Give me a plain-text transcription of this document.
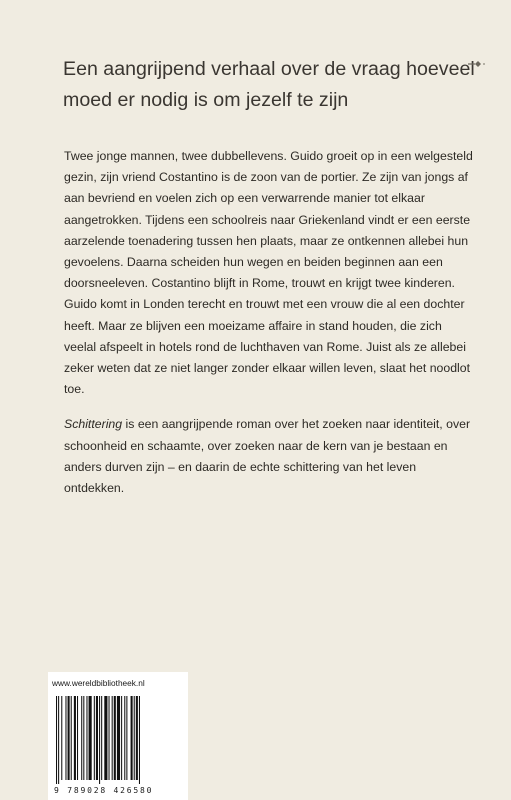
Een aangrijpend verhaal over de vraag hoeveel
moed er nodig is om jezelf te zijn

Twee jonge mannen, twee dubbellevens. Guido groeit op in een welgesteld gezin, zijn vriend Costantino is de zoon van de portier. Ze zijn van jongs af aan bevriend en voelen zich op een verwarrende manier tot elkaar aangetrokken. Tijdens een schoolreis naar Griekenland vindt er een eerste aarzelende toenadering tussen hen plaats, maar ze ontkennen allebei hun gevoelens. Daarna scheiden hun wegen en beiden beginnen aan een doorsneeleven. Costantino blijft in Rome, trouwt en krijgt twee kinderen. Guido komt in Londen terecht en trouwt met een vrouw die al een dochter heeft. Maar ze blijven een moeizame affaire in stand houden, die zich veelal afspeelt in hotels rond de luchthaven van Rome. Juist als ze allebei zeker weten dat ze niet langer zonder elkaar willen leven, slaat het noodlot toe.

Schittering is een aangrijpende roman over het zoeken naar identiteit, over schoonheid en schaamte, over zoeken naar de kern van je bestaan en anders durven zijn – en daarin de echte schittering van het leven ontdekken.

www.wereldbibliotheek.nl
9 789028 426580
